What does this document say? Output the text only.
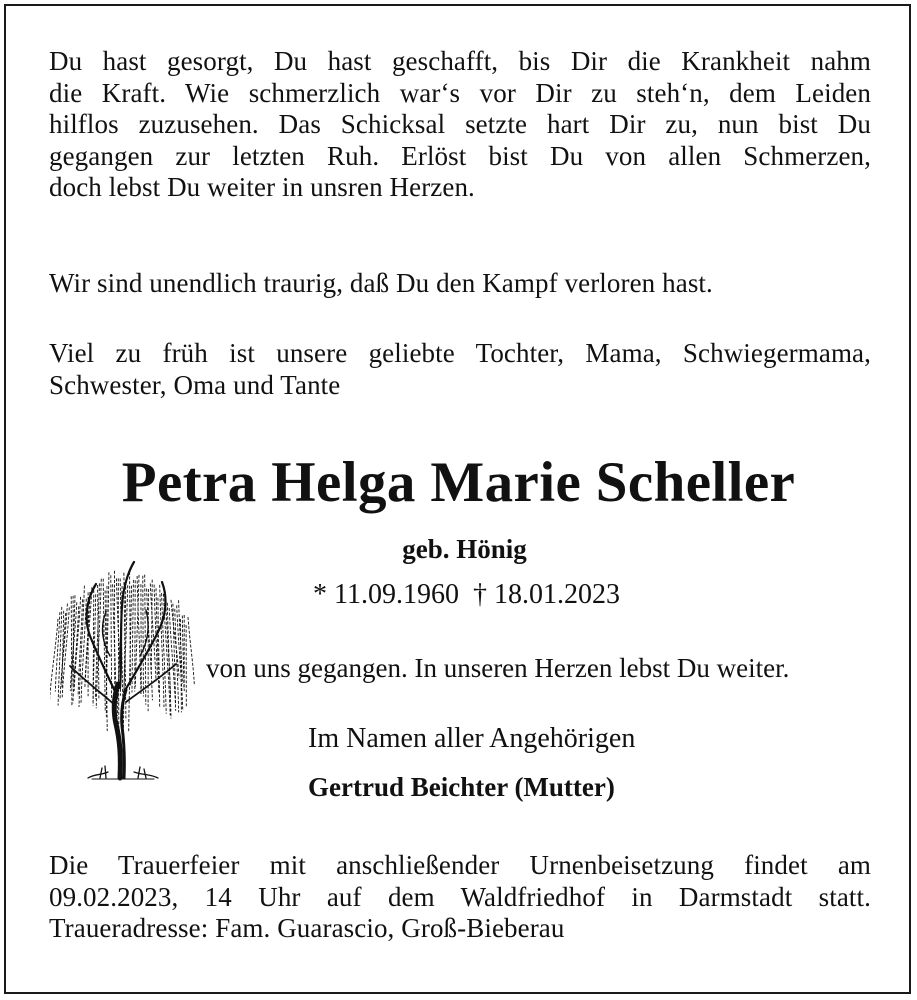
Du hast gesorgt, Du hast geschafft, bis Dir die Krankheit nahm
die Kraft. Wie schmerzlich war‘s vor Dir zu steh‘n, dem Leiden
hilflos zuzusehen. Das Schicksal setzte hart Dir zu, nun bist Du
gegangen zur letzten Ruh. Erlöst bist Du von allen Schmerzen,
doch lebst Du weiter in unsren Herzen.
Wir sind unendlich traurig, daß Du den Kampf verloren hast.
Viel zu früh ist unsere geliebte Tochter, Mama, Schwiegermama,
Schwester, Oma und Tante
Petra Helga Marie Scheller
geb. Hönig
* 11.09.1960  † 18.01.2023
von uns gegangen. In unseren Herzen lebst Du weiter.
Im Namen aller Angehörigen
Gertrud Beichter (Mutter)
Die Trauerfeier mit anschließender Urnenbeisetzung findet am
09.02.2023, 14 Uhr auf dem Waldfriedhof in Darmstadt statt.
Traueradresse: Fam. Guarascio, Groß-Bieberau
